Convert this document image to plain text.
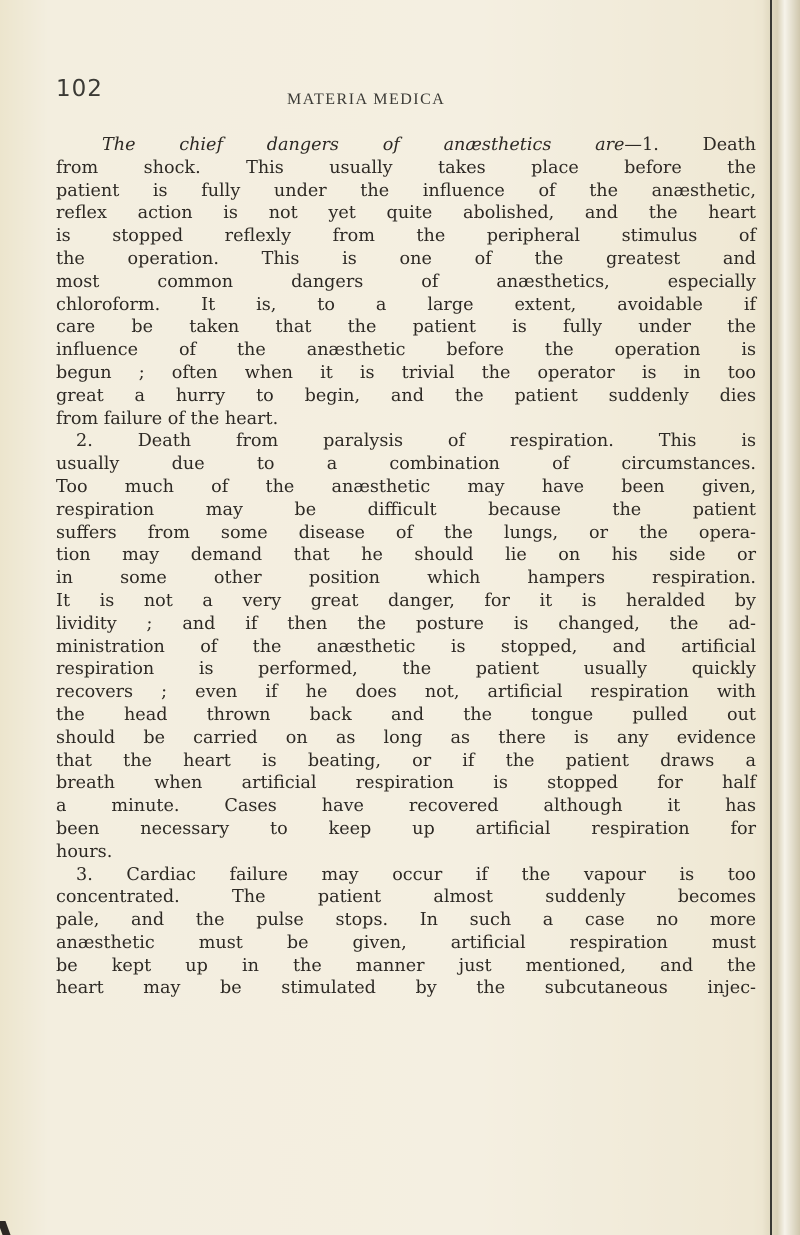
102	MATERIA MEDICA
The chief dangers of anæsthetics are—1. Death
from shock. This usually takes place before the
patient is fully under the influence of the anæsthetic,
reflex action is not yet quite abolished, and the heart
is stopped reflexly from the peripheral stimulus of
the operation. This is one of the greatest and
most common dangers of anæsthetics, especially
chloroform. It is, to a large extent, avoidable if
care be taken that the patient is fully under the
influence of the anæsthetic before the operation is
begun ; often when it is trivial the operator is in too
great a hurry to begin, and the patient suddenly dies
from failure of the heart.
2. Death from paralysis of respiration. This is
usually due to a combination of circumstances.
Too much of the anæsthetic may have been given,
respiration may be difficult because the patient
suffers from some disease of the lungs, or the opera-
tion may demand that he should lie on his side or
in some other position which hampers respiration.
It is not a very great danger, for it is heralded by
lividity ; and if then the posture is changed, the ad-
ministration of the anæsthetic is stopped, and artificial
respiration is performed, the patient usually quickly
recovers ; even if he does not, artificial respiration with
the head thrown back and the tongue pulled out
should be carried on as long as there is any evidence
that the heart is beating, or if the patient draws a
breath when artificial respiration is stopped for half
a minute. Cases have recovered although it has
been necessary to keep up artificial respiration for
hours.
3. Cardiac failure may occur if the vapour is too
concentrated. The patient almost suddenly becomes
pale, and the pulse stops. In such a case no more
anæsthetic must be given, artificial respiration must
be kept up in the manner just mentioned, and the
heart may be stimulated by the subcutaneous injec-
